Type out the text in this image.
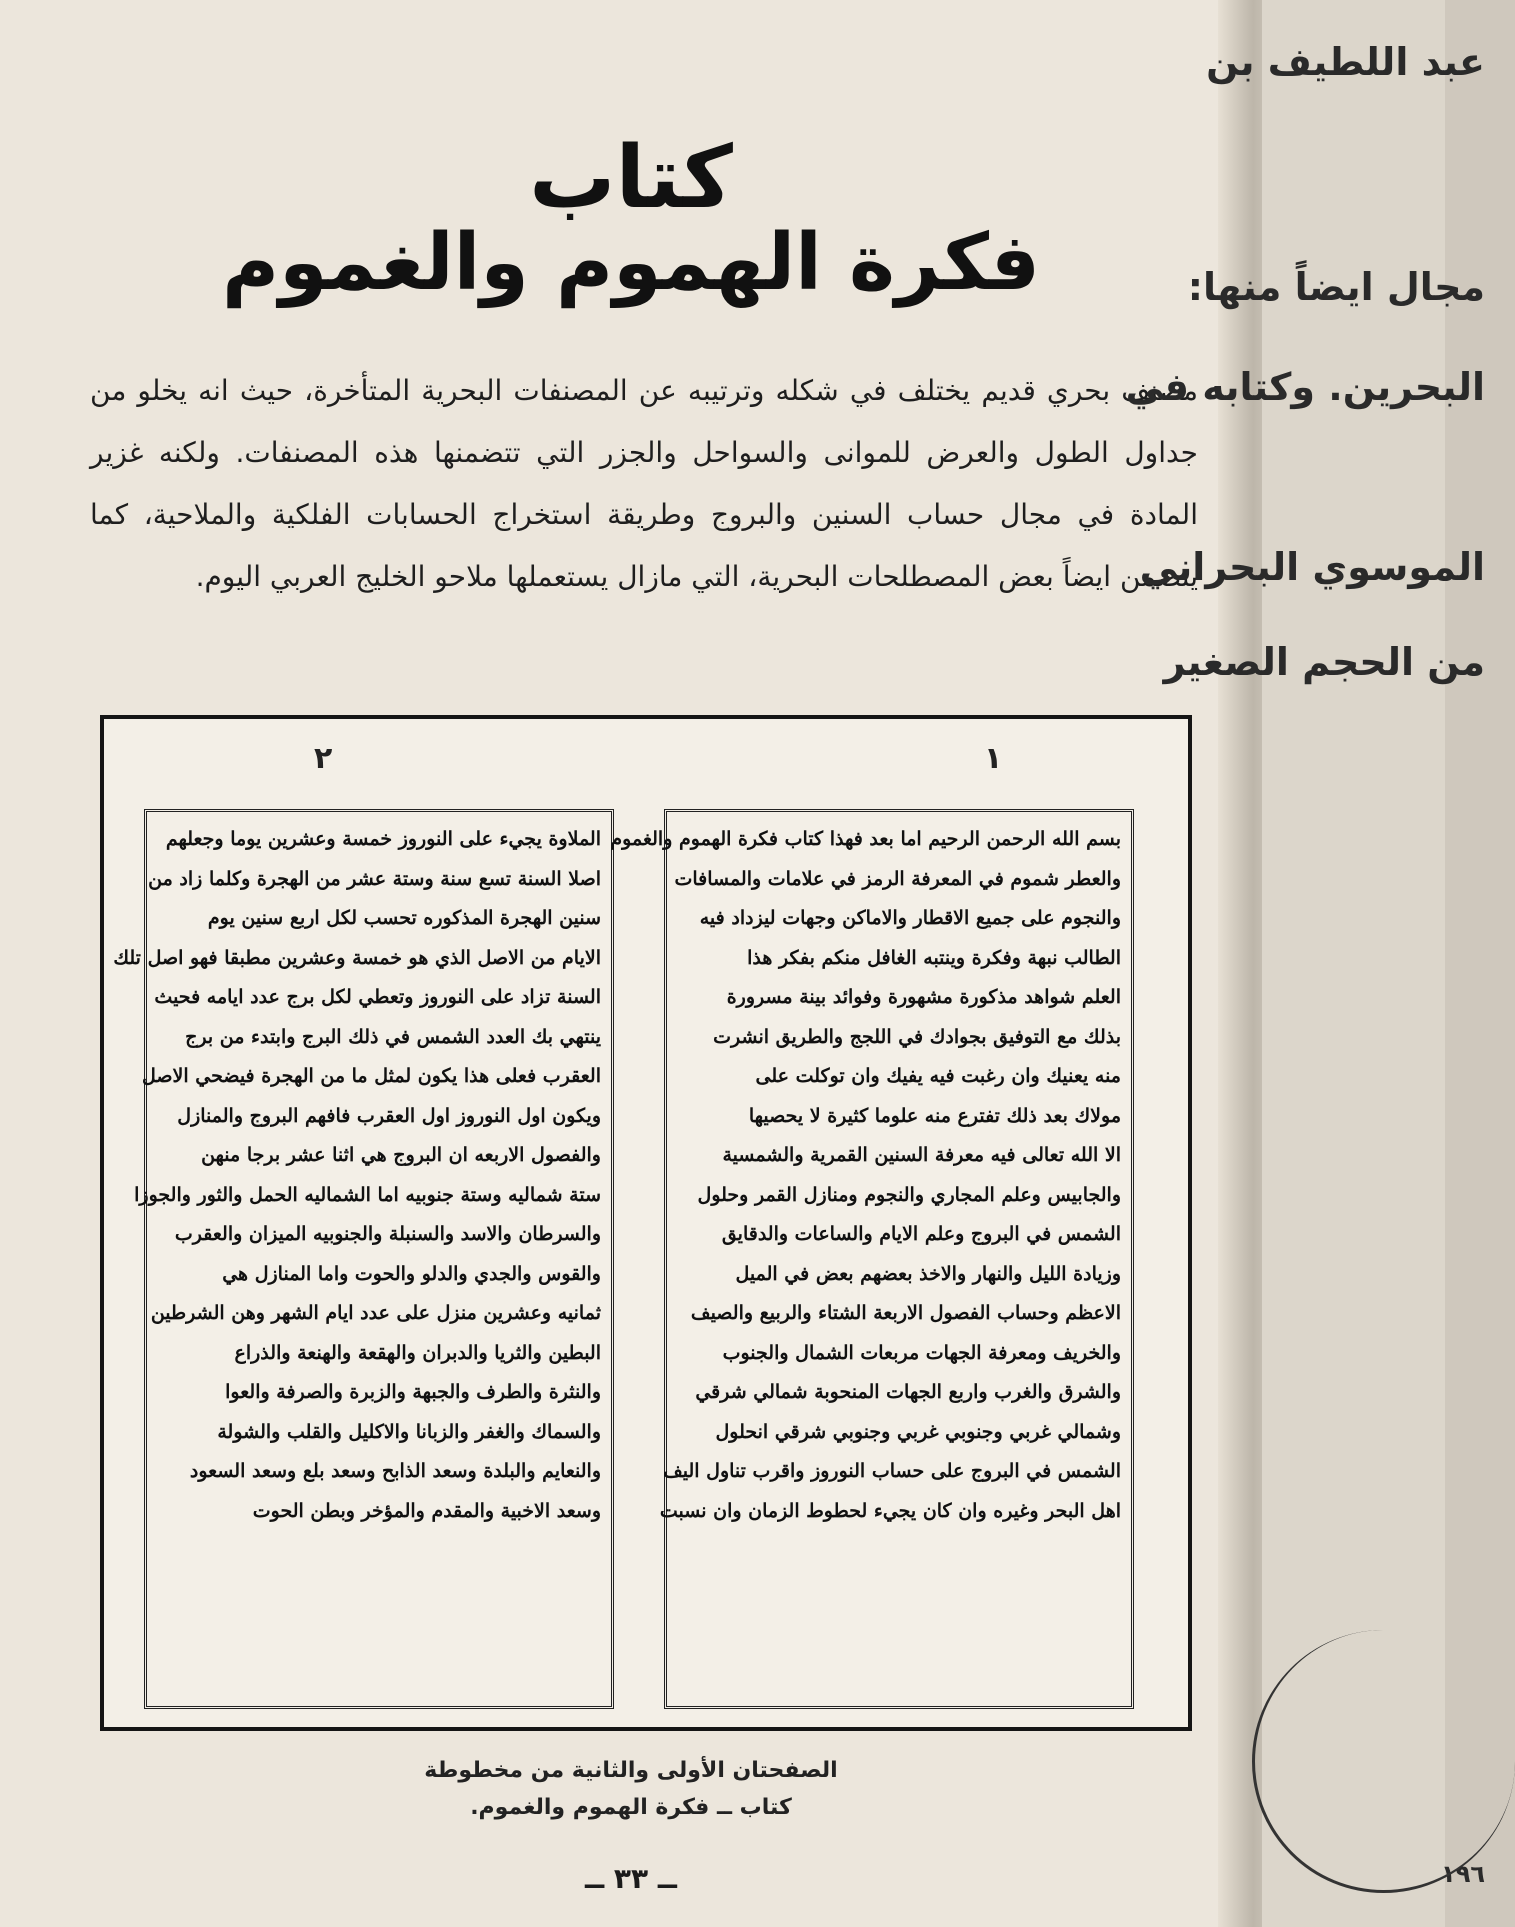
كتاب
فكرة الهموم والغموم
مصنف بحري قديم يختلف في شكله وترتيبه عن المصنفات البحرية المتأخرة، حيث انه يخلو من جداول الطول والعرض للموانى والسواحل والجزر التي تتضمنها هذه المصنفات. ولكنه غزير المادة في مجال حساب السنين والبروج وطريقة استخراج الحسابات الفلكية والملاحية، كما يتضمن ايضاً بعض المصطلحات البحرية، التي مازال يستعملها ملاحو الخليج العربي اليوم.
٢	١
الملاوة يجيء على النوروز خمسة وعشرين يوما وجعلهم
اصلا السنة تسع سنة وستة عشر من الهجرة وكلما زاد من
سنين الهجرة المذكوره تحسب لكل اربع سنين يوم
الايام من الاصل الذي هو خمسة وعشرين مطبقا فهو اصل تلك
السنة تزاد على النوروز وتعطي لكل برج عدد ايامه فحيث
ينتهي بك العدد الشمس في ذلك البرج وابتدء من برج
العقرب فعلى هذا يكون لمثل ما من الهجرة فيضحي الاصل
ويكون اول النوروز اول العقرب فافهم البروج والمنازل
والفصول الاربعه ان البروج هي اثنا عشر برجا منهن
ستة شماليه وستة جنوبيه اما الشماليه الحمل والثور والجوزا
والسرطان والاسد والسنبلة والجنوبيه الميزان والعقرب
والقوس والجدي والدلو والحوت واما المنازل هي
ثمانيه وعشرين منزل على عدد ايام الشهر وهن الشرطين
البطين والثريا والدبران والهقعة والهنعة والذراع
والنثرة والطرف والجبهة والزبرة والصرفة والعوا
والسماك والغفر والزبانا والاكليل والقلب والشولة
والنعايم والبلدة وسعد الذابح وسعد بلع وسعد السعود
وسعد الاخبية والمقدم والمؤخر وبطن الحوت
بسم الله الرحمن الرحيم اما بعد فهذا كتاب فكرة الهموم والغموم
والعطر شموم في المعرفة الرمز في علامات والمسافات
والنجوم على جميع الاقطار والاماكن وجهات ليزداد فيه
الطالب نبهة وفكرة وينتبه الغافل منكم بفكر هذا
العلم شواهد مذكورة مشهورة وفوائد بينة مسرورة
بذلك مع التوفيق بجوادك في اللجج والطريق انشرت
منه يعنيك وان رغبت فيه يفيك وان توكلت على
مولاك بعد ذلك تفترع منه علوما كثيرة لا يحصيها
الا الله تعالى فيه معرفة السنين القمرية والشمسية
والجابيس وعلم المجاري والنجوم ومنازل القمر وحلول
الشمس في البروج وعلم الايام والساعات والدقايق
وزيادة الليل والنهار والاخذ بعضهم بعض في الميل
الاعظم وحساب الفصول الاربعة الشتاء والربيع والصيف
والخريف ومعرفة الجهات مربعات الشمال والجنوب
والشرق والغرب واربع الجهات المنحوبة شمالي شرقي
وشمالي غربي وجنوبي غربي وجنوبي شرقي انحلول
الشمس في البروج على حساب النوروز واقرب تناول اليف
اهل البحر وغيره وان كان يجيء لحطوط الزمان وان نسبت
الصفحتان الأولى والثانية من مخطوطة
كتاب ــ فكرة الهموم والغموم.
ــ ٣٣ ــ
عبد اللطيف بن
مجال ايضاً منها:
البحرين. وكتابه في
الموسوي البحراني
من الحجم الصغير
١٩٦
